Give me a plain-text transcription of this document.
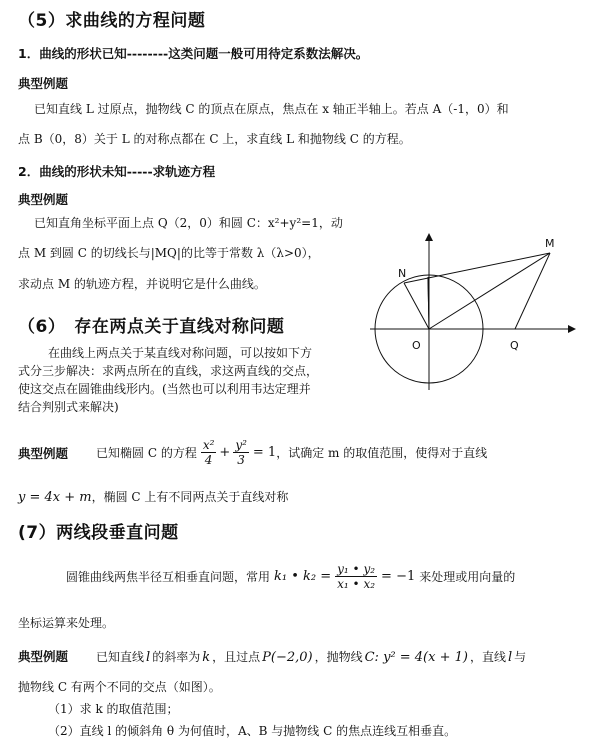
（5）求曲线的方程问题
1．曲线的形状已知--------这类问题一般可用待定系数法解决。
典型例题
已知直线 L 过原点，抛物线 C 的顶点在原点，焦点在 x 轴正半轴上。若点 A（-1，0）和
点 B（0，8）关于 L 的对称点都在 C 上，求直线 L 和抛物线 C 的方程。
2．曲线的形状未知-----求轨迹方程
典型例题
已知直角坐标平面上点 Q（2，0）和圆 C：x²+y²=1，动
点 M 到圆 C 的切线长与|MQ|的比等于常数 λ（λ>0），
求动点 M 的轨迹方程，并说明它是什么曲线。
M
N
O	Q
（6）　存在两点关于直线对称问题
在曲线上两点关于某直线对称问题，可以按如下方
式分三步解决：求两点所在的直线，求这两直线的交点，
使这交点在圆锥曲线形内。(当然也可以利用韦达定理并
结合判别式来解决)
典型例题 已知椭圆 C 的方程 $\frac{\text{x²}}{4} + \frac{\text{y²}}{3} = 1$ ，试确定 m 的取值范围，使得对于直线
y = 4x + m，椭圆 C 上有不同两点关于直线对称
(7）两线段垂直问题
圆锥曲线两焦半径互相垂直问题，常用 k₁ • $k_2 = \frac{\text{y₁ • y₂}}{\text{x₁ • x₂}} = -1$ 来处理或用向量的
坐标运算来处理。
典型例题 已知直线 l 的斜率为 k ，且过点 P(−2,0) ，抛物线 C: y² = 4(x + 1) ，直线 l 与
抛物线 C 有两个不同的交点（如图）。
（1）求 k 的取值范围；
（2）直线 l 的倾斜角 θ 为何值时，A、B 与抛物线 C 的焦点连线互相垂直。
